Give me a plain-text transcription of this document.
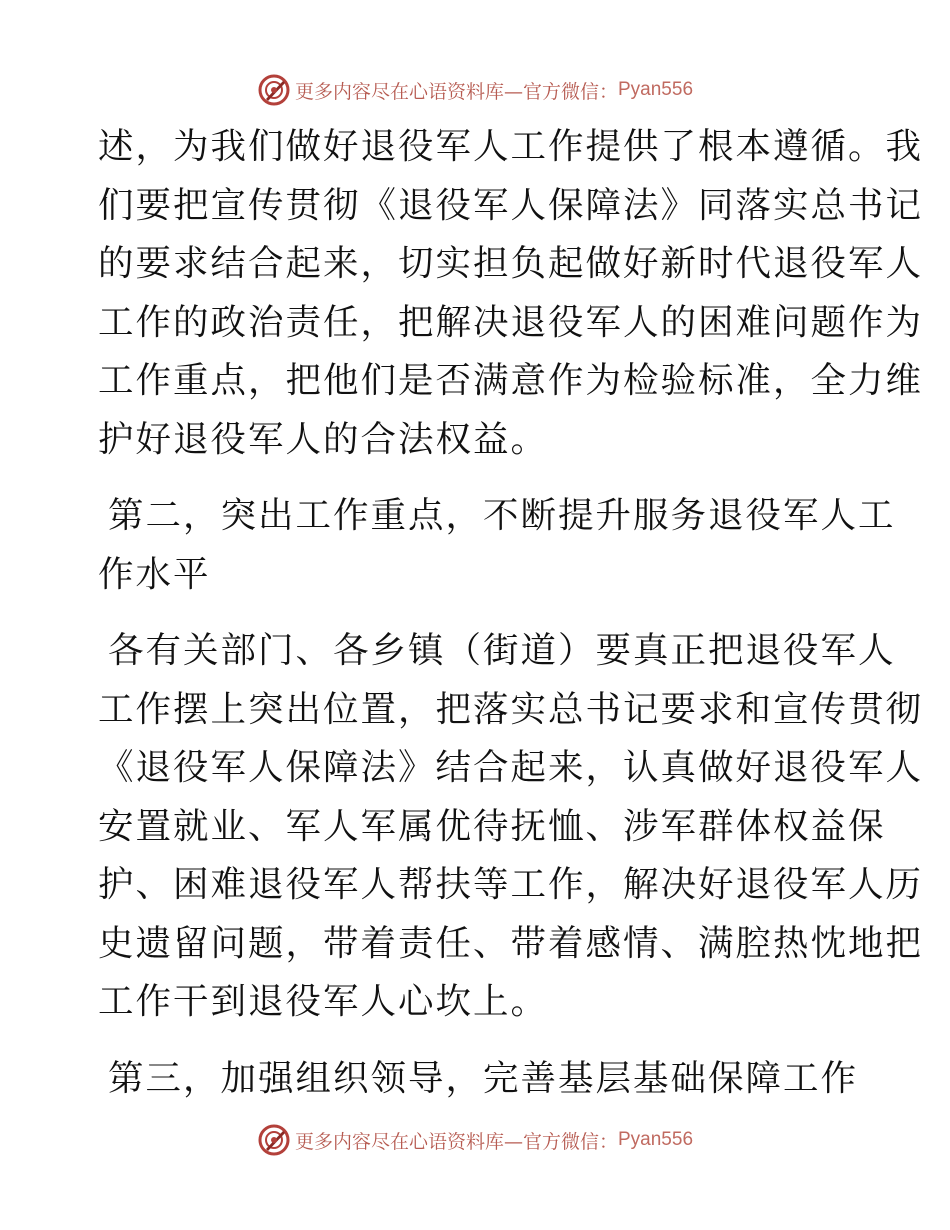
更多内容尽在心语资料库—官方微信： Pyan556
述，为我们做好退役军人工作提供了根本遵循。我
们要把宣传贯彻《退役军人保障法》同落实总书记
的要求结合起来，切实担负起做好新时代退役军人
工作的政治责任，把解决退役军人的困难问题作为
工作重点，把他们是否满意作为检验标准，全力维
护好退役军人的合法权益。
第二，突出工作重点，不断提升服务退役军人工
作水平
各有关部门、各乡镇（街道）要真正把退役军人
工作摆上突出位置，把落实总书记要求和宣传贯彻
《退役军人保障法》结合起来，认真做好退役军人
安置就业、军人军属优待抚恤、涉军群体权益保
护、困难退役军人帮扶等工作，解决好退役军人历
史遗留问题，带着责任、带着感情、满腔热忱地把
工作干到退役军人心坎上。
第三，加强组织领导，完善基层基础保障工作
更多内容尽在心语资料库—官方微信： Pyan556
